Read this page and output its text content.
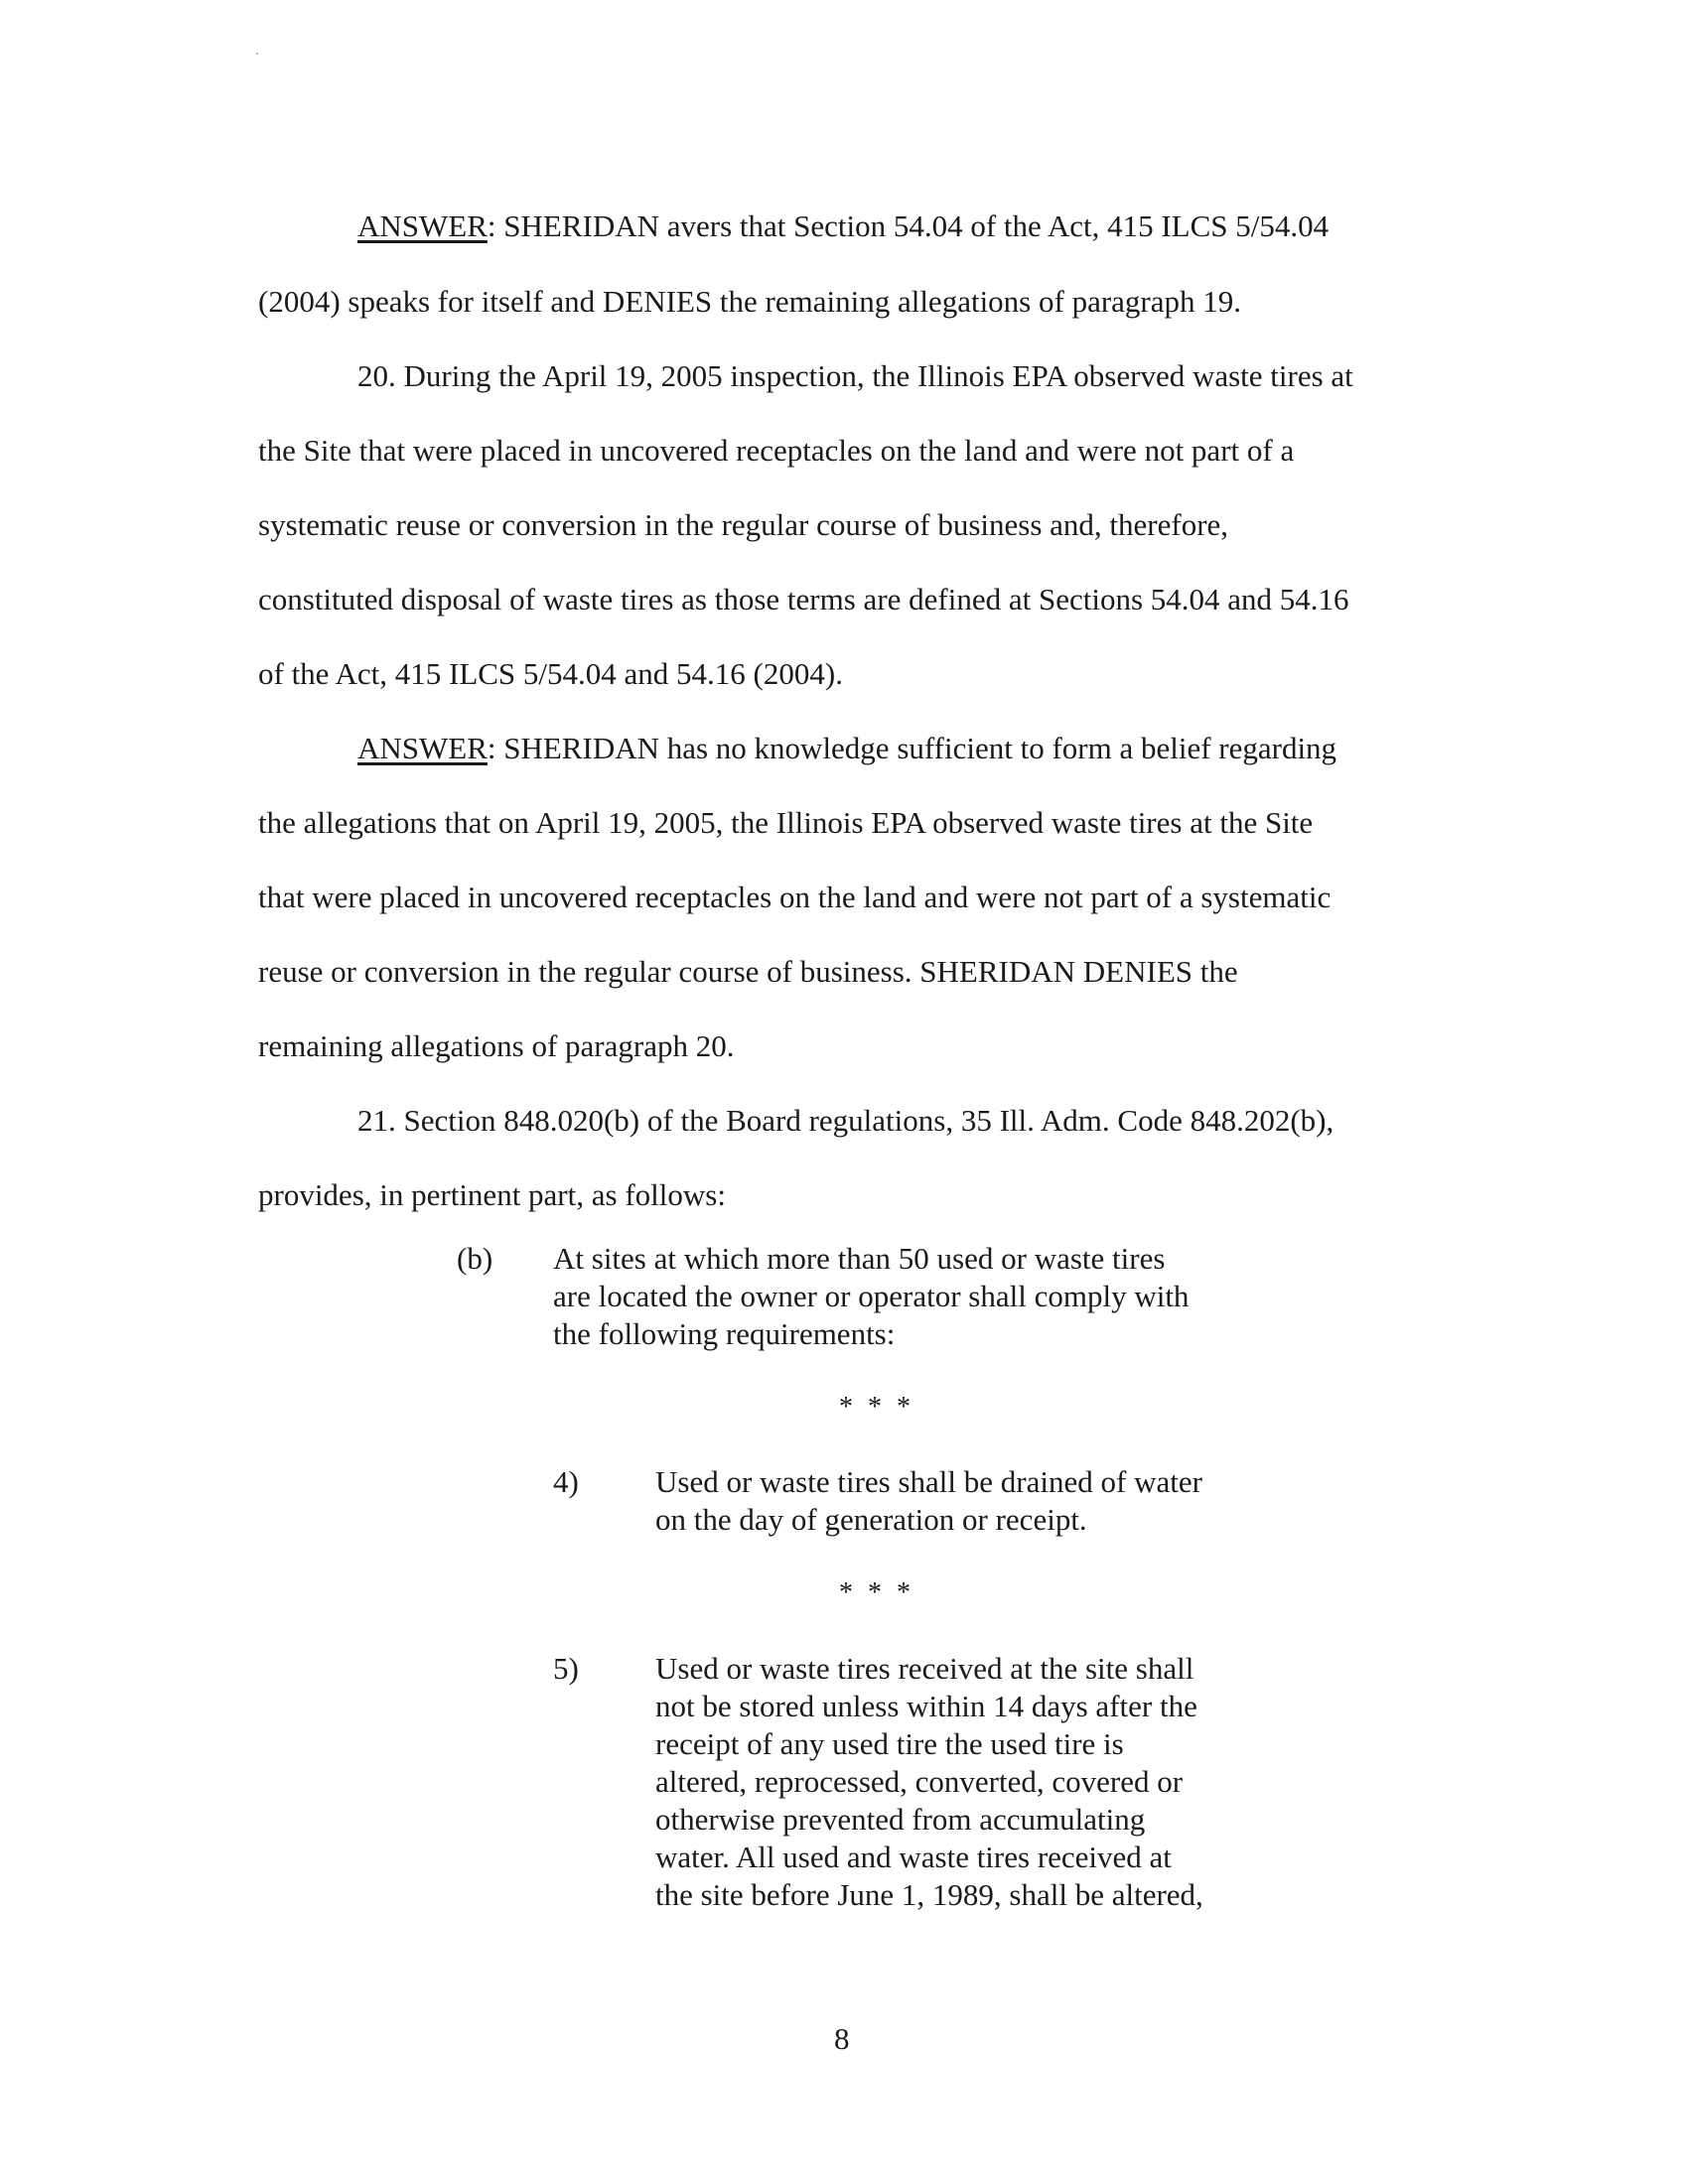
ANSWER: SHERIDAN avers that Section 54.04 of the Act, 415 ILCS 5/54.04
(2004) speaks for itself and DENIES the remaining allegations of paragraph 19.
20. During the April 19, 2005 inspection, the Illinois EPA observed waste tires at
the Site that were placed in uncovered receptacles on the land and were not part of a
systematic reuse or conversion in the regular course of business and, therefore,
constituted disposal of waste tires as those terms are defined at Sections 54.04 and 54.16
of the Act, 415 ILCS 5/54.04 and 54.16 (2004).
ANSWER: SHERIDAN has no knowledge sufficient to form a belief regarding
the allegations that on April 19, 2005, the Illinois EPA observed waste tires at the Site
that were placed in uncovered receptacles on the land and were not part of a systematic
reuse or conversion in the regular course of business. SHERIDAN DENIES the
remaining allegations of paragraph 20.
21. Section 848.020(b) of the Board regulations, 35 Ill. Adm. Code 848.202(b),
provides, in pertinent part, as follows:
(b) At sites at which more than 50 used or waste tires
are located the owner or operator shall comply with
the following requirements:
* * *
4) Used or waste tires shall be drained of water
on the day of generation or receipt.
* * *
5) Used or waste tires received at the site shall
not be stored unless within 14 days after the
receipt of any used tire the used tire is
altered, reprocessed, converted, covered or
otherwise prevented from accumulating
water. All used and waste tires received at
the site before June 1, 1989, shall be altered,
8
